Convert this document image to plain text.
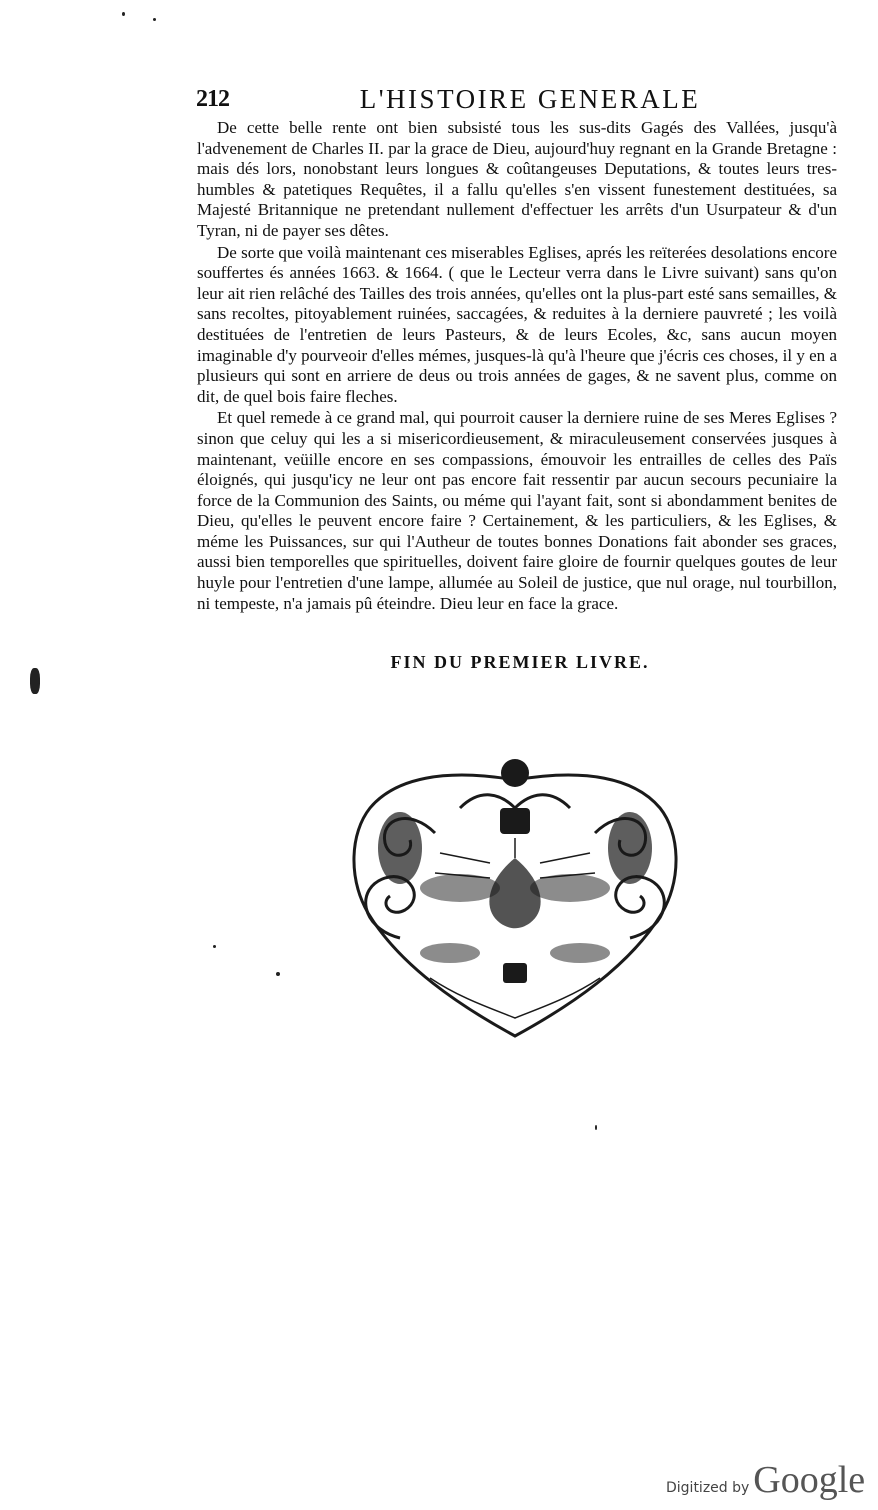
212	L'HISTOIRE GENERALE

De cette belle rente ont bien subsisté tous les sus-dits Gagés des Vallées, jusqu'à l'advenement de Charles II. par la grace de Dieu, aujourd'huy regnant en la Grande Bretagne : mais dés lors, nonobstant leurs longues & coûtangeuses Deputations, & toutes leurs tres-humbles & patetiques Requêtes, il a fallu qu'elles s'en vissent funestement destituées, sa Majesté Britannique ne pretendant nullement d'effectuer les arrêts d'un Usurpateur & d'un Tyran, ni de payer ses dêtes.

De sorte que voilà maintenant ces miserables Eglises, aprés les reïterées desolations encore souffertes és années 1663. & 1664. ( que le Lecteur verra dans le Livre suivant) sans qu'on leur ait rien relâché des Tailles des trois années, qu'elles ont la plus-part esté sans semailles, & sans recoltes, pitoyablement ruinées, saccagées, & reduites à la derniere pauvreté ; les voilà destituées de l'entretien de leurs Pasteurs, & de leurs Ecoles, &c, sans aucun moyen imaginable d'y pourveoir d'elles mémes, jusques-là qu'à l'heure que j'écris ces choses, il y en a plusieurs qui sont en arriere de deus ou trois années de gages, & ne savent plus, comme on dit, de quel bois faire fleches.

Et quel remede à ce grand mal, qui pourroit causer la derniere ruine de ses Meres Eglises ? sinon que celuy qui les a si misericordieusement, & miraculeusement conservées jusques à maintenant, veüille encore en ses compassions, émouvoir les entrailles de celles des Païs éloignés, qui jusqu'icy ne leur ont pas encore fait ressentir par aucun secours pecuniaire la force de la Communion des Saints, ou méme qui l'ayant fait, sont si abondamment benites de Dieu, qu'elles le peuvent encore faire ? Certainement, & les particuliers, & les Eglises, & méme les Puissances, sur qui l'Autheur de toutes bonnes Donations fait abonder ses graces, aussi bien temporelles que spirituelles, doivent faire gloire de fournir quelques goutes de leur huyle pour l'entretien d'une lampe, allumée au Soleil de justice, que nul orage, nul tourbillon, ni tempeste, n'a jamais pû éteindre. Dieu leur en face la grace.

FIN DU PREMIER LIVRE.
Digitized by Google
